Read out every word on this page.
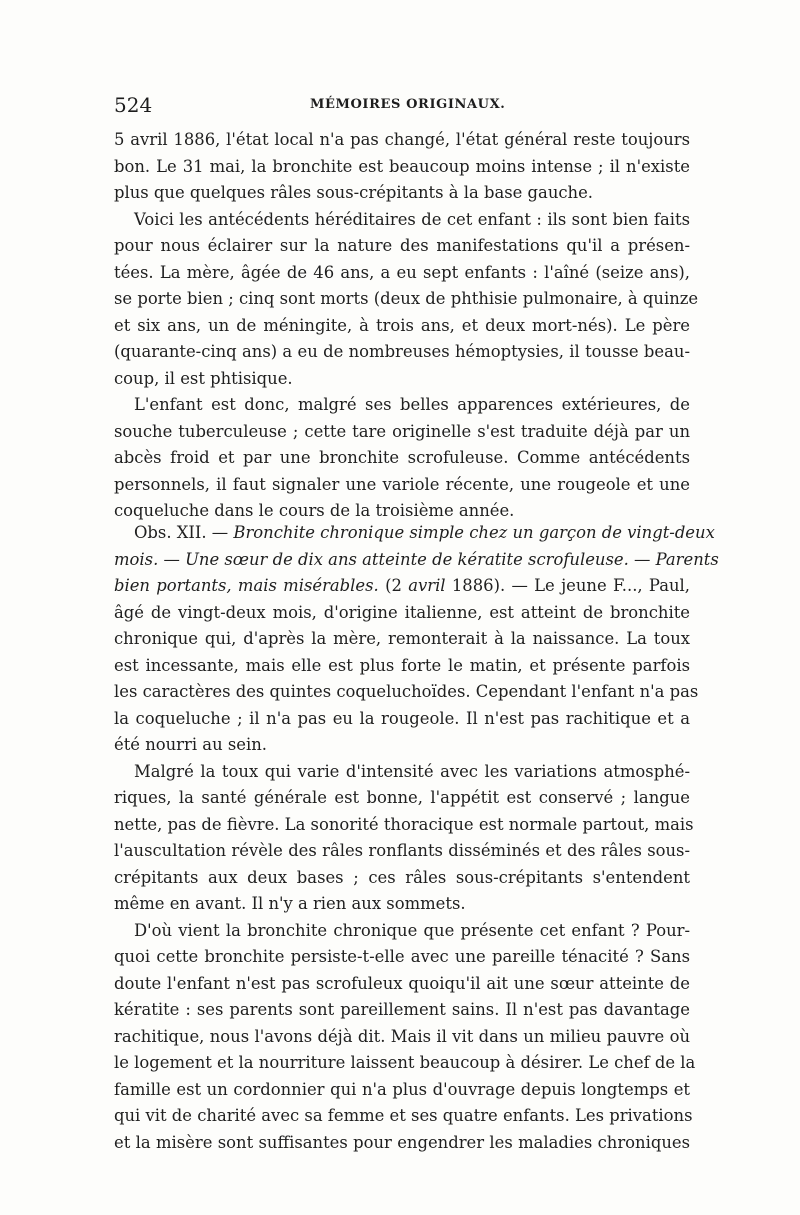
524	MÉMOIRES ORIGINAUX.
5 avril 1886, l'état local n'a pas changé, l'état général reste toujours
bon. Le 31 mai, la bronchite est beaucoup moins intense ; il n'existe
plus que quelques râles sous-crépitants à la base gauche.
Voici les antécédents héréditaires de cet enfant : ils sont bien faits
pour nous éclairer sur la nature des manifestations qu'il a présen-
tées. La mère, âgée de 46 ans, a eu sept enfants : l'aîné (seize ans),
se porte bien ; cinq sont morts (deux de phthisie pulmonaire, à quinze
et six ans, un de méningite, à trois ans, et deux mort-nés). Le père
(quarante-cinq ans) a eu de nombreuses hémoptysies, il tousse beau-
coup, il est phtisique.
L'enfant est donc, malgré ses belles apparences extérieures, de
souche tuberculeuse ; cette tare originelle s'est traduite déjà par un
abcès froid et par une bronchite scrofuleuse. Comme antécédents
personnels, il faut signaler une variole récente, une rougeole et une
coqueluche dans le cours de la troisième année.
Obs. XII. — Bronchite chronique simple chez un garçon de vingt-deux
mois. — Une sœur de dix ans atteinte de kératite scrofuleuse. — Parents
bien portants, mais misérables. (2 avril 1886). — Le jeune F..., Paul,
âgé de vingt-deux mois, d'origine italienne, est atteint de bronchite
chronique qui, d'après la mère, remonterait à la naissance. La toux
est incessante, mais elle est plus forte le matin, et présente parfois
les caractères des quintes coqueluchoïdes. Cependant l'enfant n'a pas
la coqueluche ; il n'a pas eu la rougeole. Il n'est pas rachitique et a
été nourri au sein.
Malgré la toux qui varie d'intensité avec les variations atmosphé-
riques, la santé générale est bonne, l'appétit est conservé ; langue
nette, pas de fièvre. La sonorité thoracique est normale partout, mais
l'auscultation révèle des râles ronflants disséminés et des râles sous-
crépitants aux deux bases ; ces râles sous-crépitants s'entendent
même en avant. Il n'y a rien aux sommets.
D'où vient la bronchite chronique que présente cet enfant ? Pour-
quoi cette bronchite persiste-t-elle avec une pareille ténacité ? Sans
doute l'enfant n'est pas scrofuleux quoiqu'il ait une sœur atteinte de
kératite : ses parents sont pareillement sains. Il n'est pas davantage
rachitique, nous l'avons déjà dit. Mais il vit dans un milieu pauvre où
le logement et la nourriture laissent beaucoup à désirer. Le chef de la
famille est un cordonnier qui n'a plus d'ouvrage depuis longtemps et
qui vit de charité avec sa femme et ses quatre enfants. Les privations
et la misère sont suffisantes pour engendrer les maladies chroniques
